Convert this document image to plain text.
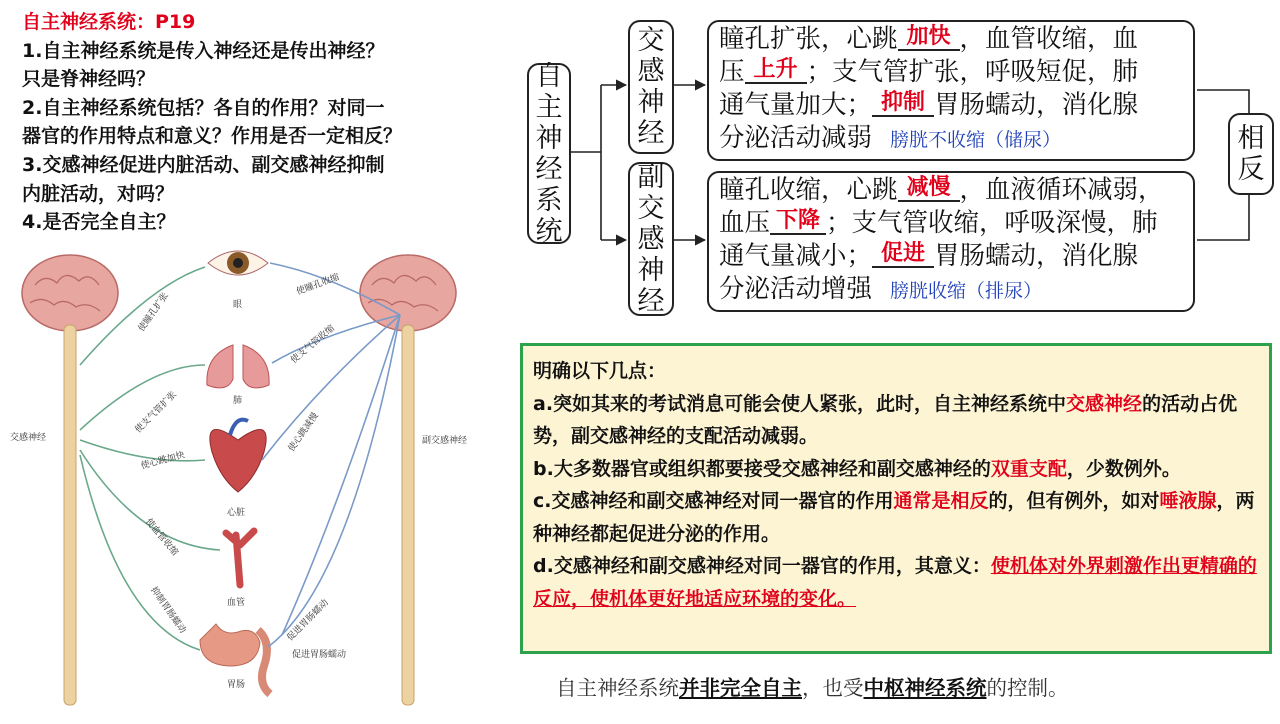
自主神经系统：P19
1.自主神经系统是传入神经还是传出神经？
只是脊神经吗？
2.自主神经系统包括？各自的作用？对同一
器官的作用特点和意义？作用是否一定相反？
3.交感神经促进内脏活动、副交感神经抑制
内脏活动，对吗？
4.是否完全自主？
自
主
神
经
系
统
交
感
神
经
副
交
感
神
经
相
反
瞳孔扩张，心跳 加快 ，血管收缩，血
压 上升 ；支气管扩张，呼吸短促，肺
通气量加大； 抑制 胃肠蠕动，消化腺
分泌活动减弱 膀胱不收缩（储尿）
瞳孔收缩，心跳 减慢 ，血液循环减弱，
血压 下降 ；支气管收缩，呼吸深慢，肺
通气量减小； 促进 胃肠蠕动，消化腺
分泌活动增强 膀胱收缩（排尿）
明确以下几点：
a.突如其来的考试消息可能会使人紧张，此时，自主神经系统中交感神经的活动占优势，副交感神经的支配活动减弱。
b.大多数器官或组织都要接受交感神经和副交感神经的双重支配，少数例外。
c.交感神经和副交感神经对同一器官的作用通常是相反的，但有例外，如对唾液腺，两种神经都起促进分泌的作用。
d.交感神经和副交感神经对同一器官的作用，其意义：使机体对外界刺激作出更精确的反应，使机体更好地适应环境的变化。
自主神经系统并非完全自主，也受中枢神经系统的控制。
交感神经	副交感神经
眼
肺
心脏
血管
胃肠
使瞳孔扩张
使支气管扩张
使心跳加快
使血管收缩
抑制胃肠蠕动
使瞳孔收缩
使支气管收缩
使心跳减慢
促进胃肠蠕动
促进胃肠蠕动
